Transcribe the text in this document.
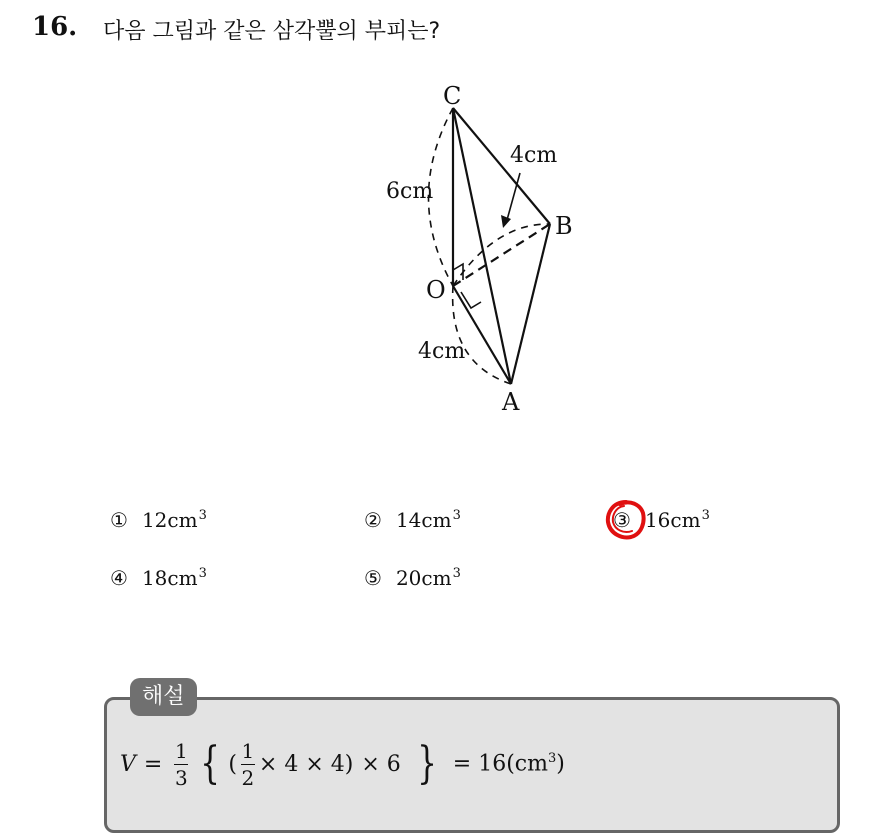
16. 다음 그림과 같은 삼각뿔의 부피는?
C
B
O
A
6cm
4cm
4cm
① $12cm^3$	② $14cm^3$	③ $16cm^3$
④ $18cm^3$	⑤ $20cm^3$
해설
$V = \frac{1}{3}$ { ( $\frac{1}{2} \times 4 \times 4) \times 6$ } = $16(cm^3)$
